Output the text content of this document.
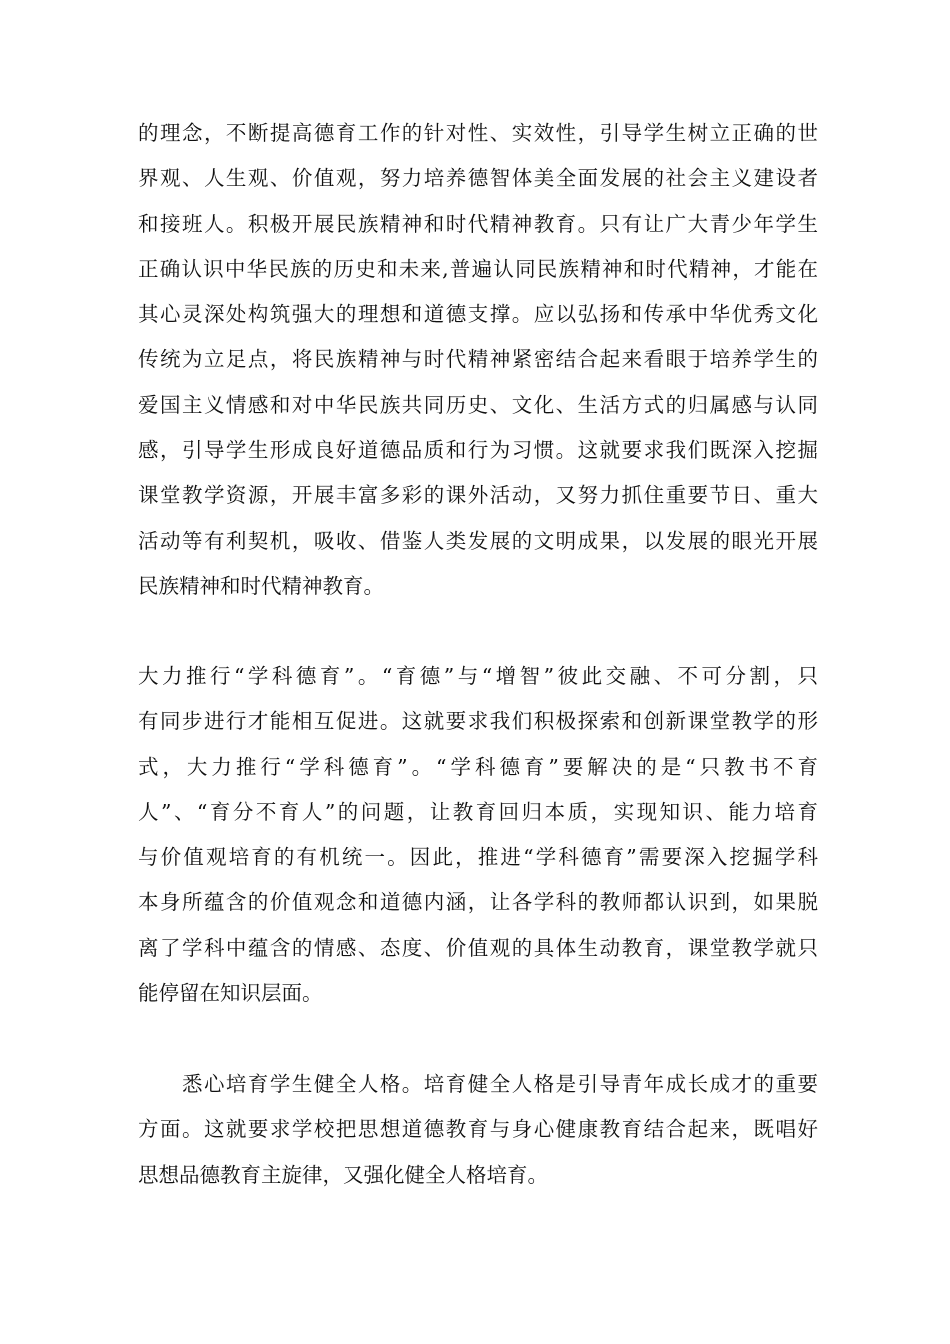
的理念，不断提高德育工作的针对性、实效性，引导学生树立正确的世
界观、人生观、价值观，努力培养德智体美全面发展的社会主义建设者
和接班人。积极开展民族精神和时代精神教育。只有让广大青少年学生
正确认识中华民族的历史和未来,普遍认同民族精神和时代精神，才能在
其心灵深处构筑强大的理想和道德支撑。应以弘扬和传承中华优秀文化
传统为立足点，将民族精神与时代精神紧密结合起来看眼于培养学生的
爱国主义情感和对中华民族共同历史、文化、生活方式的归属感与认同
感，引导学生形成良好道德品质和行为习惯。这就要求我们既深入挖掘
课堂教学资源，开展丰富多彩的课外活动，又努力抓住重要节日、重大
活动等有利契机，吸收、借鉴人类发展的文明成果，以发展的眼光开展
民族精神和时代精神教育。
大力推行“学科德育”。“育德”与“增智”彼此交融、不可分割，只
有同步进行才能相互促进。这就要求我们积极探索和创新课堂教学的形
式，大力推行“学科德育”。“学科德育”要解决的是“只教书不育
人”、“育分不育人”的问题，让教育回归本质，实现知识、能力培育
与价值观培育的有机统一。因此，推进“学科德育”需要深入挖掘学科
本身所蕴含的价值观念和道德内涵，让各学科的教师都认识到，如果脱
离了学科中蕴含的情感、态度、价值观的具体生动教育，课堂教学就只
能停留在知识层面。
　　悉心培育学生健全人格。培育健全人格是引导青年成长成才的重要
方面。这就要求学校把思想道德教育与身心健康教育结合起来，既唱好
思想品德教育主旋律，又强化健全人格培育。
